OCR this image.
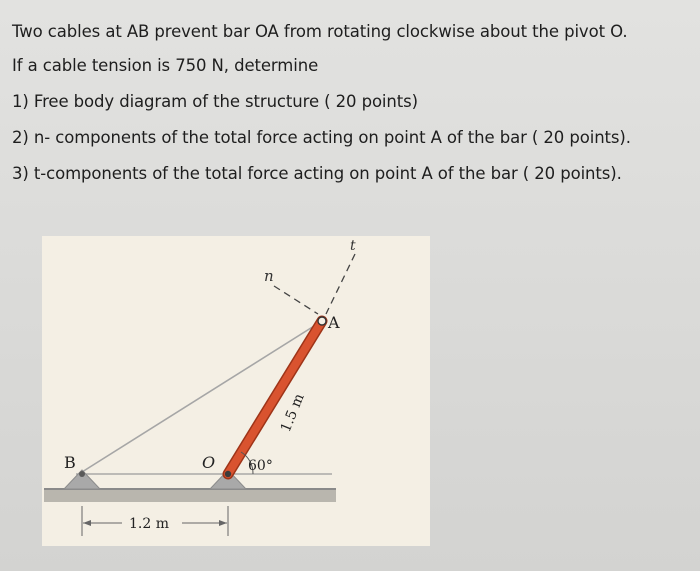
Two cables at AB prevent bar OA from rotating clockwise about the pivot O.
If a cable tension is 750 N, determine
1) Free body diagram of the structure ( 20 points)
2) n- components of the total force acting on point A of the bar ( 20 points).
3) t-components of the total force acting on point A of the bar ( 20 points).
B	O
A
n
t
1.5 m
60°
1.2 m
